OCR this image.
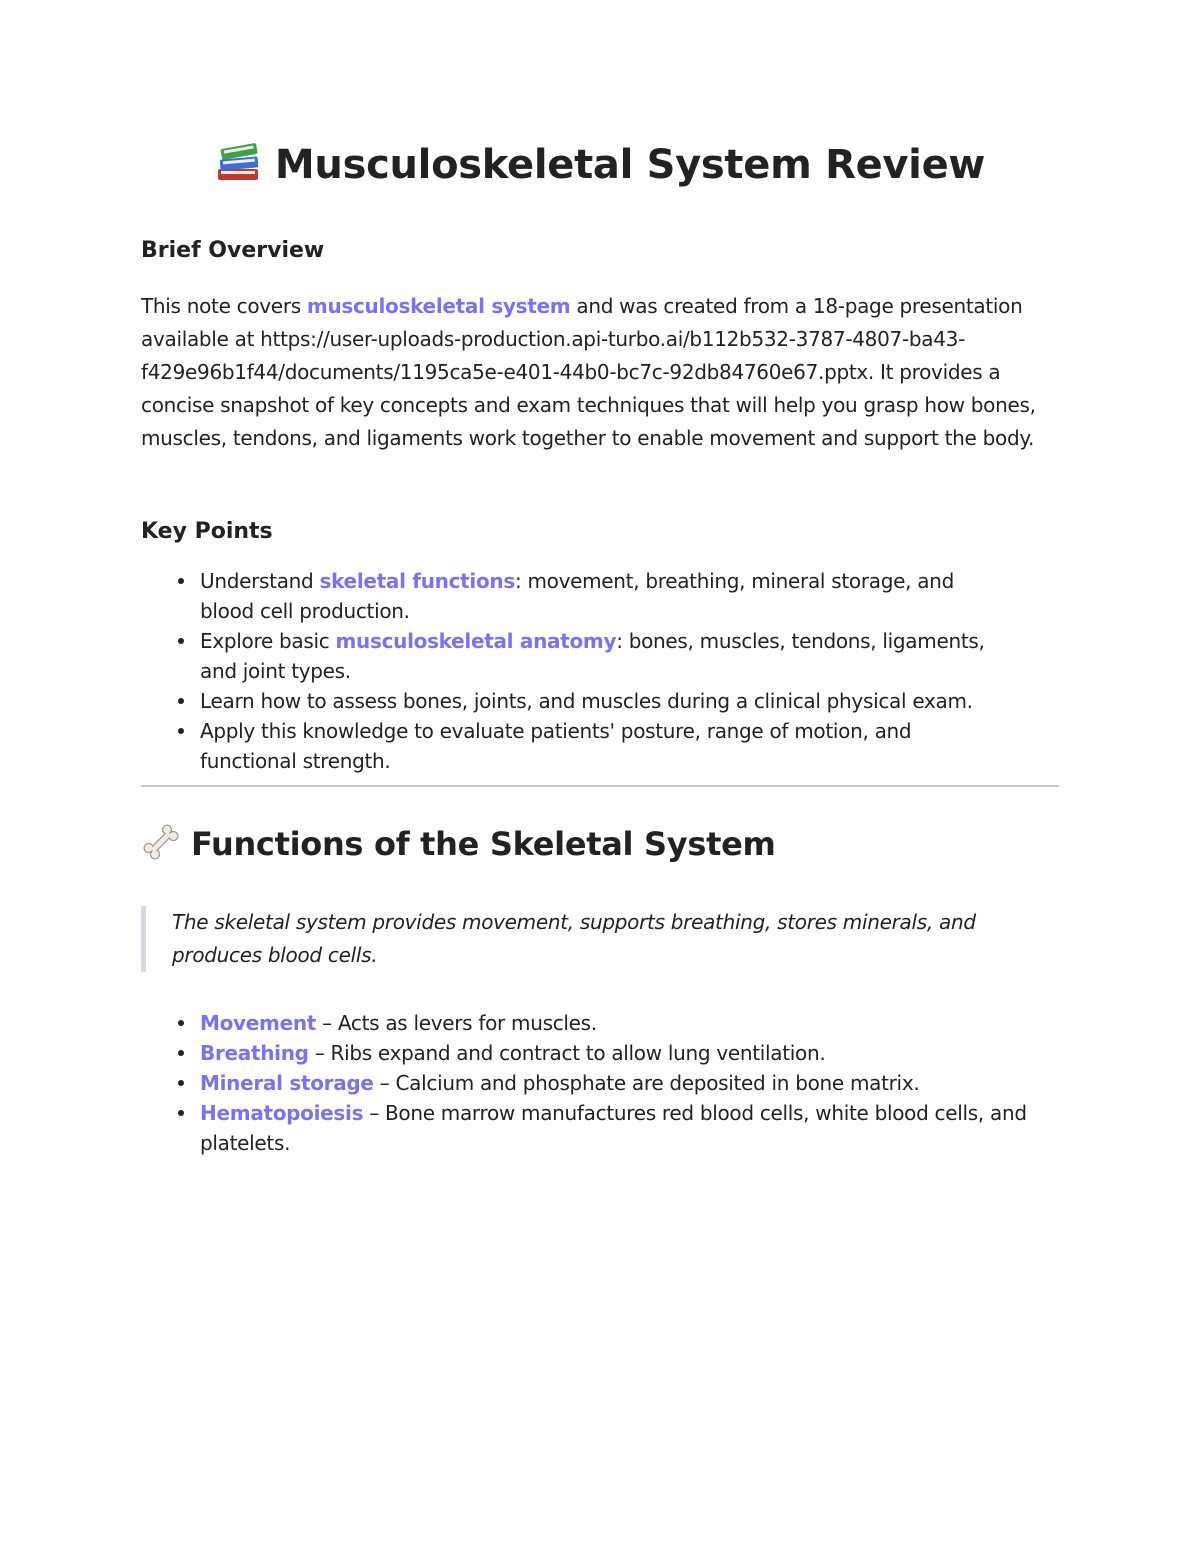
Musculoskeletal System Review
Brief Overview

This note covers musculoskeletal system and was created from a 18-page presentation available at https://user-uploads-production.api-turbo.ai/b112b532-3787-4807-ba43-f429e96b1f44/documents/1195ca5e-e401-44b0-bc7c-92db84760e67.pptx. It provides a concise snapshot of key concepts and exam techniques that will help you grasp how bones, muscles, tendons, and ligaments work together to enable movement and support the body.

Key Points
Understand skeletal functions: movement, breathing, mineral storage, and blood cell production.
Explore basic musculoskeletal anatomy: bones, muscles, tendons, ligaments, and joint types.
Learn how to assess bones, joints, and muscles during a clinical physical exam.
Apply this knowledge to evaluate patients' posture, range of motion, and functional strength.
Functions of the Skeletal System

The skeletal system provides movement, supports breathing, stores minerals, and produces blood cells.

Movement – Acts as levers for muscles.
Breathing – Ribs expand and contract to allow lung ventilation.
Mineral storage – Calcium and phosphate are deposited in bone matrix.
Hematopoiesis – Bone marrow manufactures red blood cells, white blood cells, and platelets.
